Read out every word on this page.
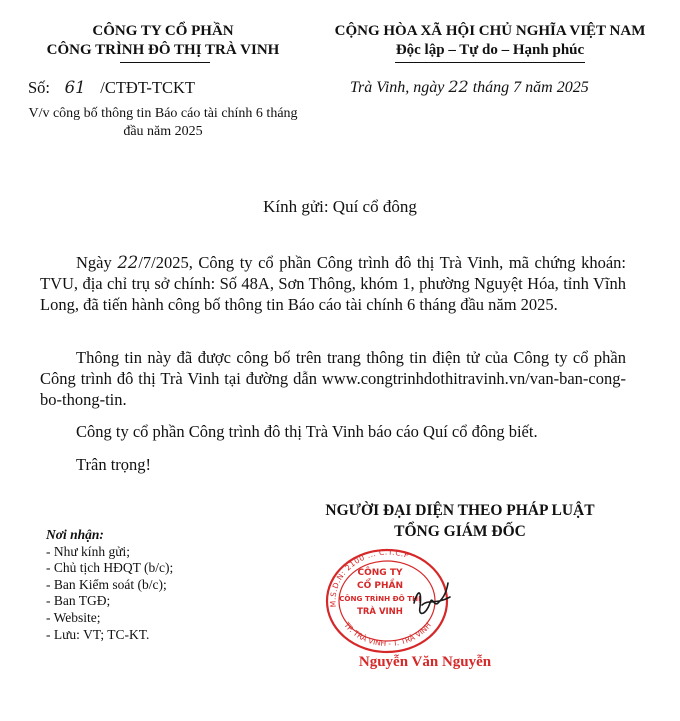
CÔNG TY CỔ PHẦN
CÔNG TRÌNH ĐÔ THỊ TRÀ VINH
CỘNG HÒA XÃ HỘI CHỦ NGHĨA VIỆT NAM
Độc lập – Tự do – Hạnh phúc
Số: 61 /CTĐT-TCKT
V/v công bố thông tin Báo cáo tài chính 6 tháng
đầu năm 2025
Trà Vinh, ngày 22 tháng 7 năm 2025
Kính gửi: Quí cổ đông
Ngày 22/7/2025, Công ty cổ phần Công trình đô thị Trà Vinh, mã chứng khoán: TVU, địa chỉ trụ sở chính: Số 48A, Sơn Thông, khóm 1, phường Nguyệt Hóa, tỉnh Vĩnh Long, đã tiến hành công bố thông tin Báo cáo tài chính 6 tháng đầu năm 2025.
Thông tin này đã được công bố trên trang thông tin điện tử của Công ty cổ phần Công trình đô thị Trà Vinh tại đường dẫn www.congtrinhdothitravinh.vn/van-ban-cong-bo-thong-tin.
Công ty cổ phần Công trình đô thị Trà Vinh báo cáo Quí cổ đông biết.
Trân trọng!
NGƯỜI ĐẠI DIỆN THEO PHÁP LUẬT
TỔNG GIÁM ĐỐC
M.S.D.N: 2100 ... C.T.C.P
TP. TRÀ VINH - T. TRÀ VINH
CÔNG TY
CỔ PHẦN
CÔNG TRÌNH ĐÔ THỊ
TRÀ VINH
Nguyễn Văn Nguyễn
Nơi nhận:
- Như kính gửi;
- Chủ tịch HĐQT (b/c);
- Ban Kiểm soát (b/c);
- Ban TGĐ;
- Website;
- Lưu: VT; TC-KT.
